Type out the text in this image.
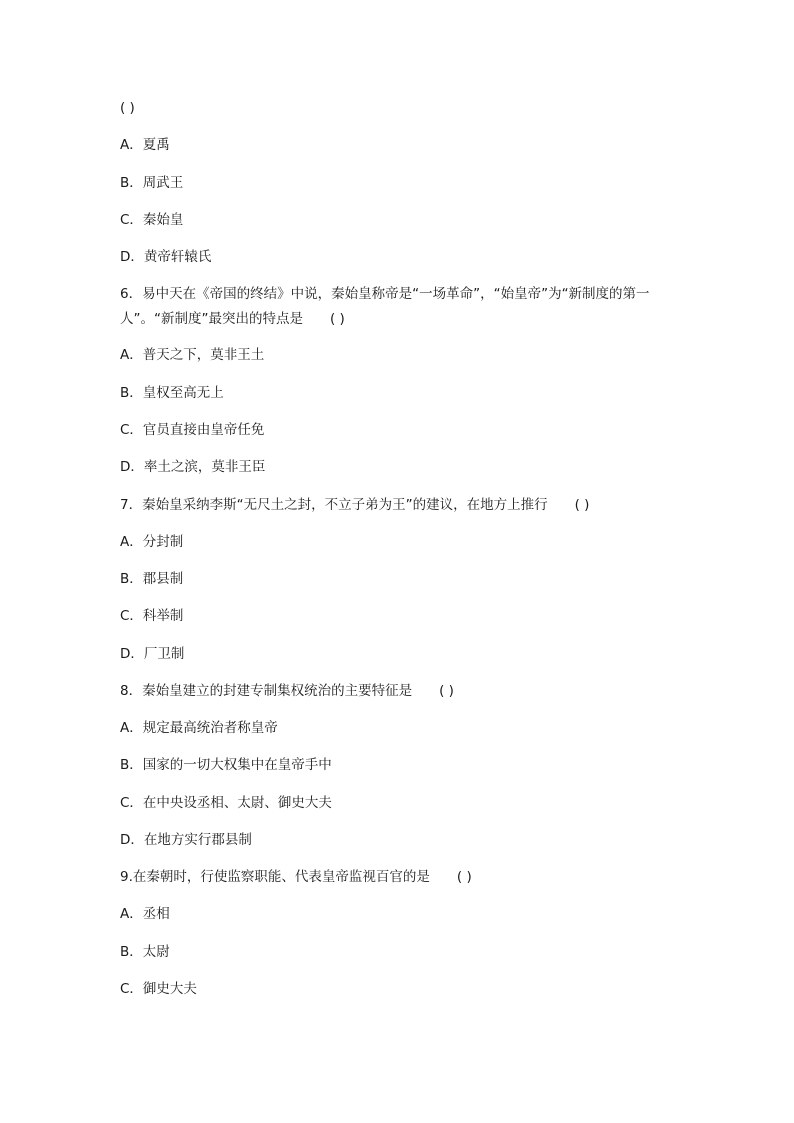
( )
A．夏禹
B．周武王
C．秦始皇
D．黄帝轩辕氏
6．易中天在《帝国的终结》中说，秦始皇称帝是“一场革命”，“始皇帝”为“新制度的第一人”。“新制度”最突出的特点是　　( )
A．普天之下，莫非王土
B．皇权至高无上
C．官员直接由皇帝任免
D．率土之滨，莫非王臣
7．秦始皇采纳李斯“无尺土之封，不立子弟为王”的建议，在地方上推行　　( )
A．分封制
B．郡县制
C．科举制
D．厂卫制
8．秦始皇建立的封建专制集权统治的主要特征是　　( )
A．规定最高统治者称皇帝
B．国家的一切大权集中在皇帝手中
C．在中央设丞相、太尉、御史大夫
D．在地方实行郡县制
9.在秦朝时，行使监察职能、代表皇帝监视百官的是　　( )
A．丞相
B．太尉
C．御史大夫
